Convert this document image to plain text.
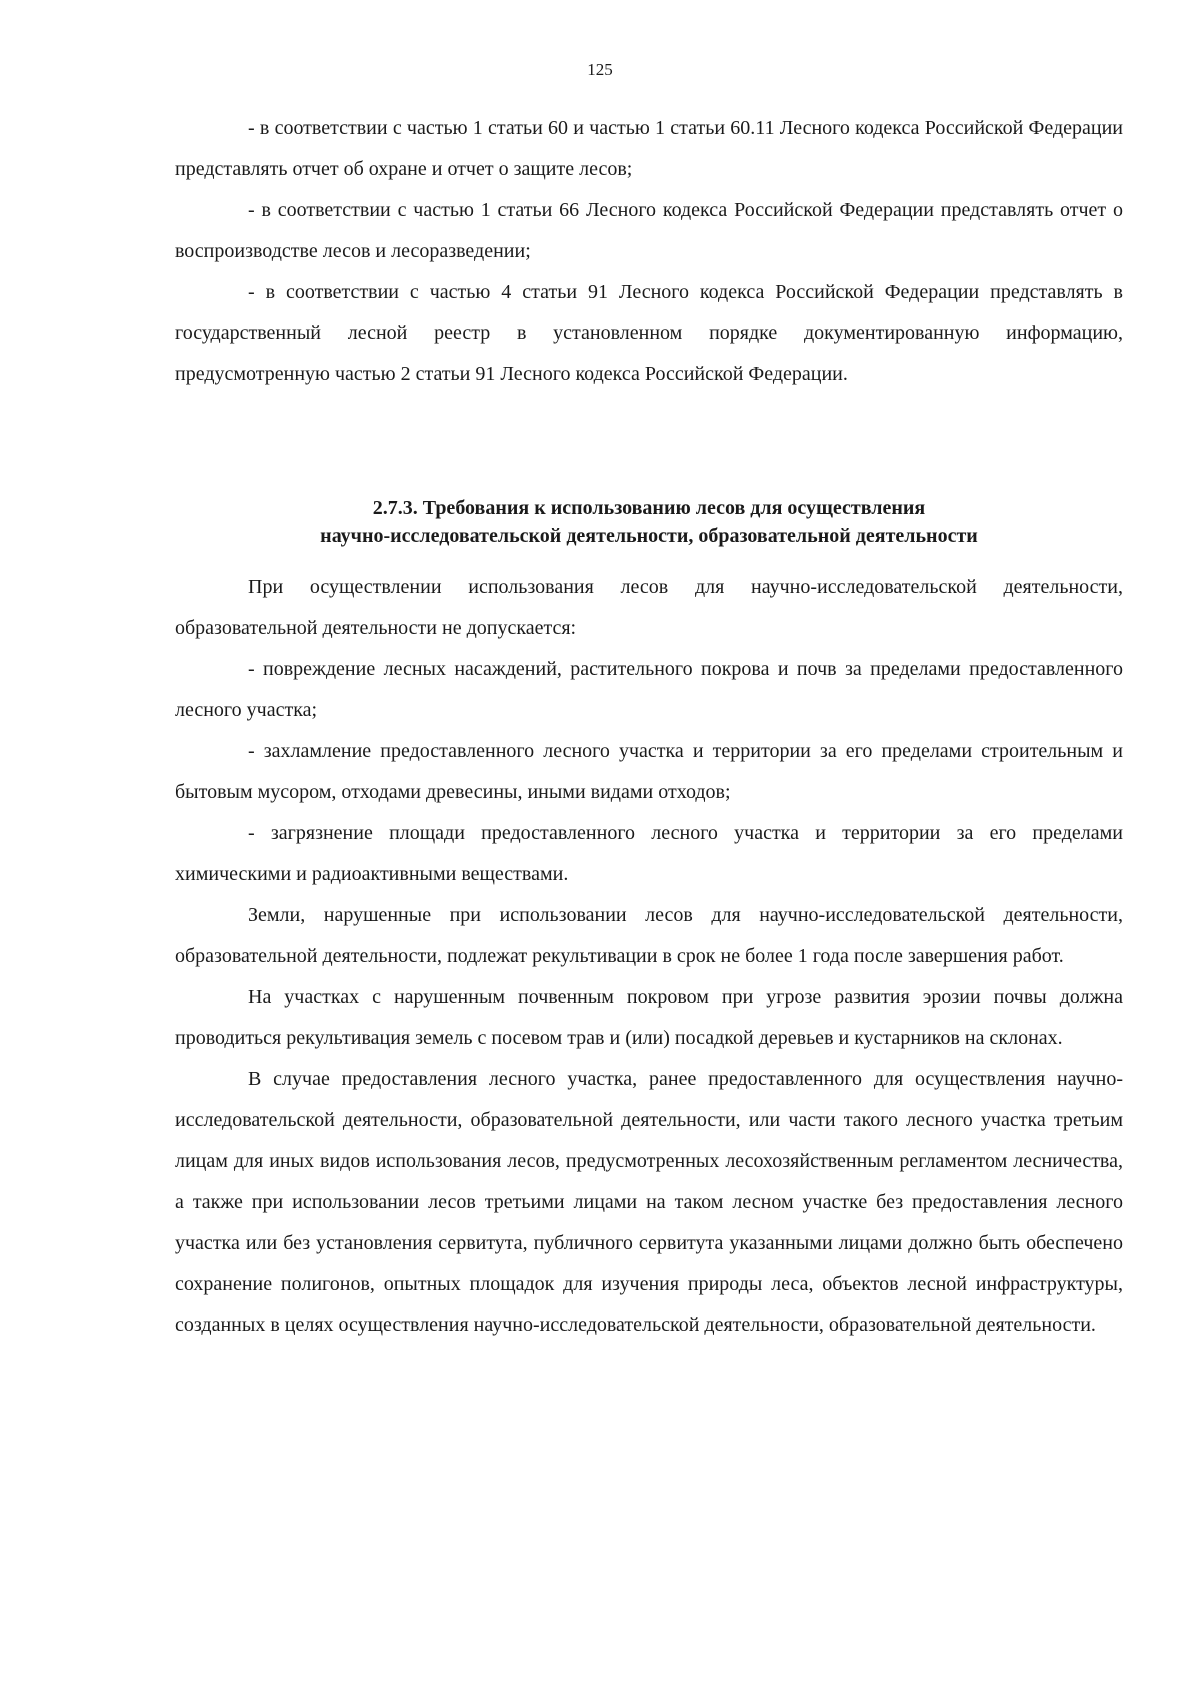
125

- в соответствии с частью 1 статьи 60 и частью 1 статьи 60.11 Лесного кодекса Российской Федерации представлять отчет об охране и отчет о защите лесов;

- в соответствии с частью 1 статьи 66 Лесного кодекса Российской Федерации представлять отчет о воспроизводстве лесов и лесоразведении;

- в соответствии с частью 4 статьи 91 Лесного кодекса Российской Федерации представлять в государственный лесной реестр в установленном порядке документированную информацию, предусмотренную частью 2 статьи 91 Лесного кодекса Российской Федерации.

2.7.3. Требования к использованию лесов для осуществления
научно-исследовательской деятельности, образовательной деятельности

При осуществлении использования лесов для научно-исследовательской деятельности, образовательной деятельности не допускается:

- повреждение лесных насаждений, растительного покрова и почв за пределами предоставленного лесного участка;

- захламление предоставленного лесного участка и территории за его пределами строительным и бытовым мусором, отходами древесины, иными видами отходов;

- загрязнение площади предоставленного лесного участка и территории за его пределами химическими и радиоактивными веществами.

Земли, нарушенные при использовании лесов для научно-исследовательской деятельности, образовательной деятельности, подлежат рекультивации в срок не более 1 года после завершения работ.

На участках с нарушенным почвенным покровом при угрозе развития эрозии почвы должна проводиться рекультивация земель с посевом трав и (или) посадкой деревьев и кустарников на склонах.

В случае предоставления лесного участка, ранее предоставленного для осуществления научно-исследовательской деятельности, образовательной деятельности, или части такого лесного участка третьим лицам для иных видов использования лесов, предусмотренных лесохозяйственным регламентом лесничества, а также при использовании лесов третьими лицами на таком лесном участке без предоставления лесного участка или без установления сервитута, публичного сервитута указанными лицами должно быть обеспечено сохранение полигонов, опытных площадок для изучения природы леса, объектов лесной инфраструктуры, созданных в целях осуществления научно-исследовательской деятельности, образовательной деятельности.
